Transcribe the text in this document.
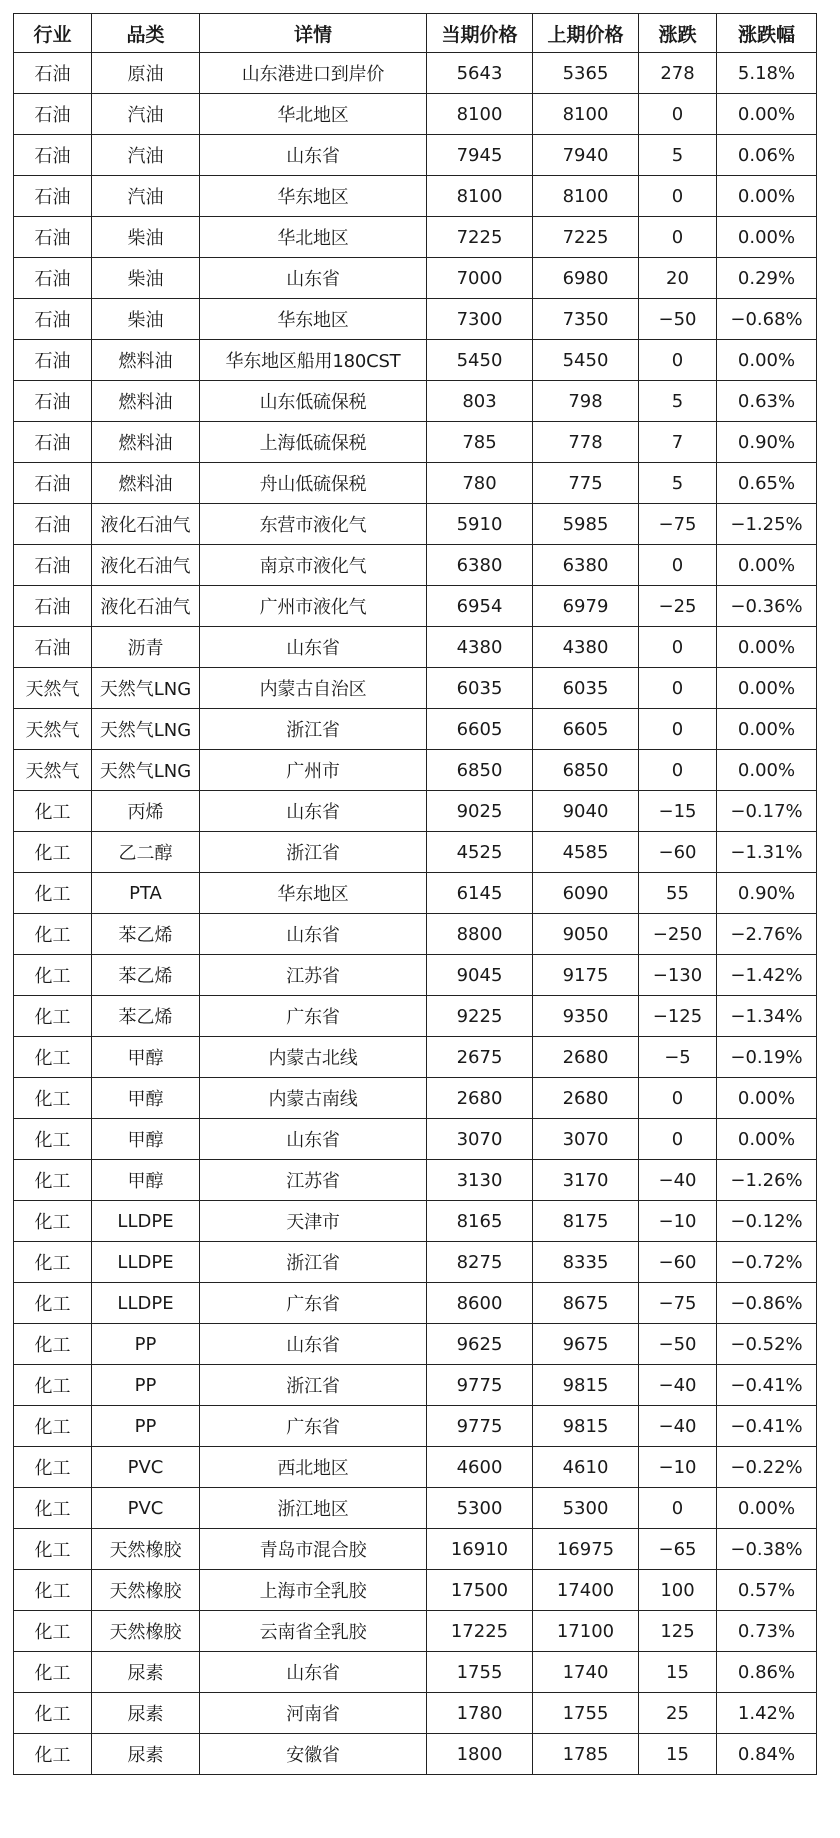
行业	品类	详情	当期价格	上期价格	涨跌	涨跌幅
石油	原油	山东港进口到岸价	5643	5365	278	5.18%
石油	汽油	华北地区	8100	8100	0	0.00%
石油	汽油	山东省	7945	7940	5	0.06%
石油	汽油	华东地区	8100	8100	0	0.00%
石油	柴油	华北地区	7225	7225	0	0.00%
石油	柴油	山东省	7000	6980	20	0.29%
石油	柴油	华东地区	7300	7350	−50	−0.68%
石油	燃料油	华东地区船用180CST	5450	5450	0	0.00%
石油	燃料油	山东低硫保税	803	798	5	0.63%
石油	燃料油	上海低硫保税	785	778	7	0.90%
石油	燃料油	舟山低硫保税	780	775	5	0.65%
石油	液化石油气	东营市液化气	5910	5985	−75	−1.25%
石油	液化石油气	南京市液化气	6380	6380	0	0.00%
石油	液化石油气	广州市液化气	6954	6979	−25	−0.36%
石油	沥青	山东省	4380	4380	0	0.00%
天然气	天然气LNG	内蒙古自治区	6035	6035	0	0.00%
天然气	天然气LNG	浙江省	6605	6605	0	0.00%
天然气	天然气LNG	广州市	6850	6850	0	0.00%
化工	丙烯	山东省	9025	9040	−15	−0.17%
化工	乙二醇	浙江省	4525	4585	−60	−1.31%
化工	PTA	华东地区	6145	6090	55	0.90%
化工	苯乙烯	山东省	8800	9050	−250	−2.76%
化工	苯乙烯	江苏省	9045	9175	−130	−1.42%
化工	苯乙烯	广东省	9225	9350	−125	−1.34%
化工	甲醇	内蒙古北线	2675	2680	−5	−0.19%
化工	甲醇	内蒙古南线	2680	2680	0	0.00%
化工	甲醇	山东省	3070	3070	0	0.00%
化工	甲醇	江苏省	3130	3170	−40	−1.26%
化工	LLDPE	天津市	8165	8175	−10	−0.12%
化工	LLDPE	浙江省	8275	8335	−60	−0.72%
化工	LLDPE	广东省	8600	8675	−75	−0.86%
化工	PP	山东省	9625	9675	−50	−0.52%
化工	PP	浙江省	9775	9815	−40	−0.41%
化工	PP	广东省	9775	9815	−40	−0.41%
化工	PVC	西北地区	4600	4610	−10	−0.22%
化工	PVC	浙江地区	5300	5300	0	0.00%
化工	天然橡胶	青岛市混合胶	16910	16975	−65	−0.38%
化工	天然橡胶	上海市全乳胶	17500	17400	100	0.57%
化工	天然橡胶	云南省全乳胶	17225	17100	125	0.73%
化工	尿素	山东省	1755	1740	15	0.86%
化工	尿素	河南省	1780	1755	25	1.42%
化工	尿素	安徽省	1800	1785	15	0.84%
